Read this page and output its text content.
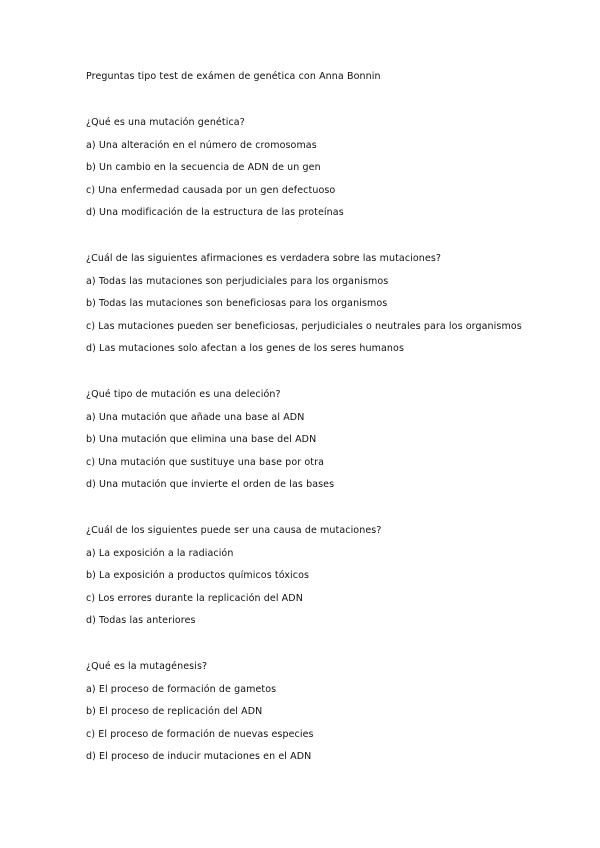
Preguntas tipo test de exámen de genética con Anna Bonnin
¿Qué es una mutación genética?
a) Una alteración en el número de cromosomas
b) Un cambio en la secuencia de ADN de un gen
c) Una enfermedad causada por un gen defectuoso
d) Una modificación de la estructura de las proteínas
¿Cuál de las siguientes afirmaciones es verdadera sobre las mutaciones?
a) Todas las mutaciones son perjudiciales para los organismos
b) Todas las mutaciones son beneficiosas para los organismos
c) Las mutaciones pueden ser beneficiosas, perjudiciales o neutrales para los organismos
d) Las mutaciones solo afectan a los genes de los seres humanos
¿Qué tipo de mutación es una deleción?
a) Una mutación que añade una base al ADN
b) Una mutación que elimina una base del ADN
c) Una mutación que sustituye una base por otra
d) Una mutación que invierte el orden de las bases
¿Cuál de los siguientes puede ser una causa de mutaciones?
a) La exposición a la radiación
b) La exposición a productos químicos tóxicos
c) Los errores durante la replicación del ADN
d) Todas las anteriores
¿Qué es la mutagénesis?
a) El proceso de formación de gametos
b) El proceso de replicación del ADN
c) El proceso de formación de nuevas especies
d) El proceso de inducir mutaciones en el ADN
